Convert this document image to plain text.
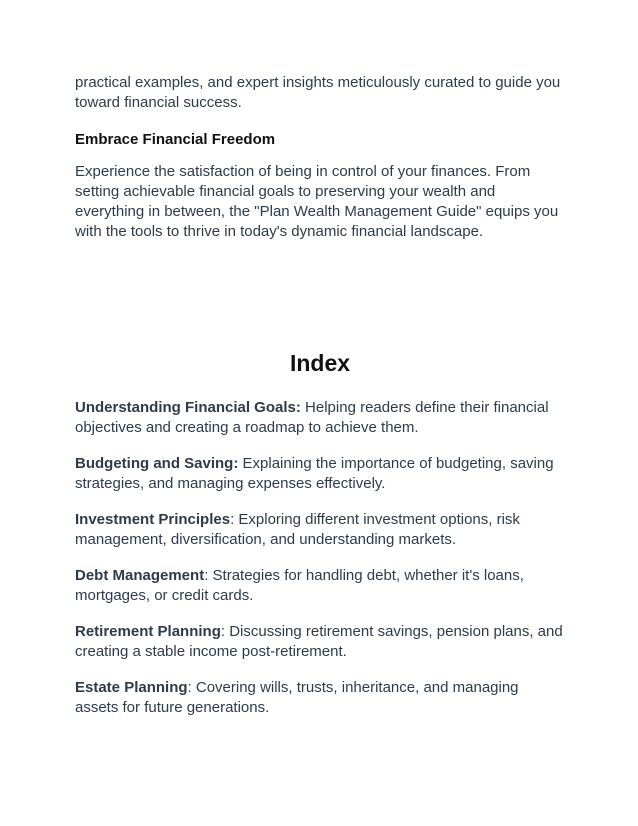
practical examples, and expert insights meticulously curated to guide you toward financial success.

Embrace Financial Freedom

Experience the satisfaction of being in control of your finances. From setting achievable financial goals to preserving your wealth and everything in between, the "Plan Wealth Management Guide" equips you with the tools to thrive in today's dynamic financial landscape.

Index
Understanding Financial Goals: Helping readers define their financial objectives and creating a roadmap to achieve them.
Budgeting and Saving: Explaining the importance of budgeting, saving strategies, and managing expenses effectively.
Investment Principles: Exploring different investment options, risk management, diversification, and understanding markets.
Debt Management: Strategies for handling debt, whether it's loans, mortgages, or credit cards.
Retirement Planning: Discussing retirement savings, pension plans, and creating a stable income post-retirement.
Estate Planning: Covering wills, trusts, inheritance, and managing assets for future generations.
